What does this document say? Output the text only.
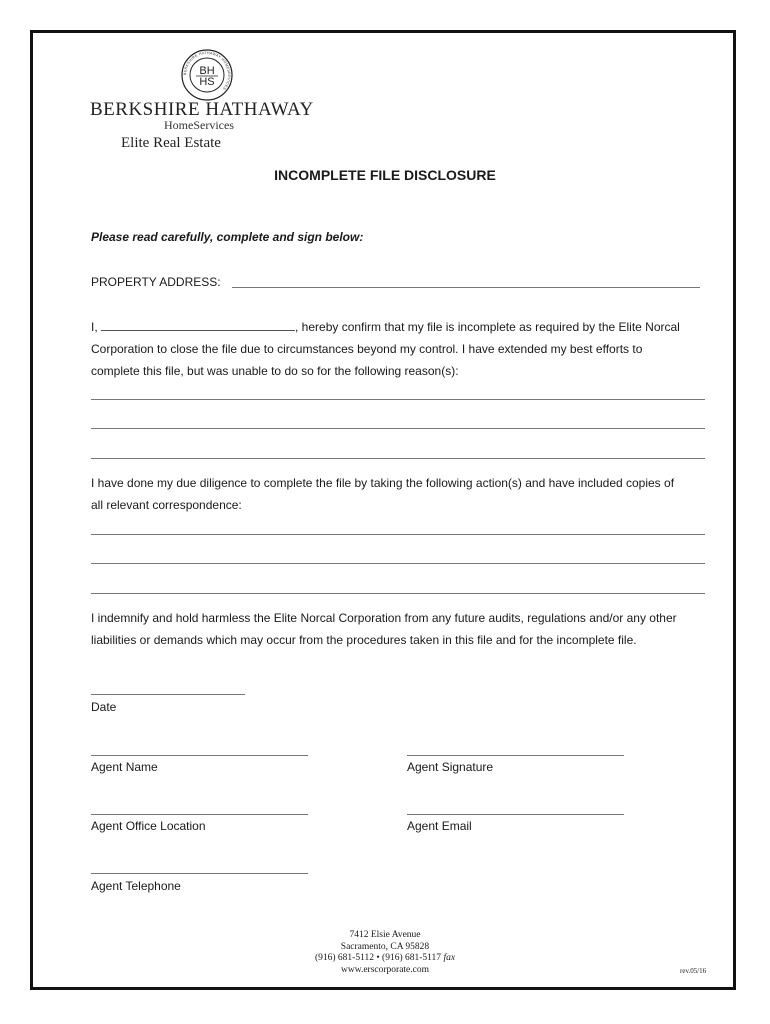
BERKSHIRE HATHAWAY HOMESERVICES
BH
HS
BERKSHIRE HATHAWAY
HomeServices
Elite Real Estate
INCOMPLETE FILE DISCLOSURE
Please read carefully, complete and sign below:
PROPERTY ADDRESS:
I,	, hereby confirm that my file is incomplete as required by the Elite Norcal
Corporation to close the file due to circumstances beyond my control. I have extended my best efforts to
complete this file, but was unable to do so for the following reason(s):
I have done my due diligence to complete the file by taking the following action(s) and have included copies of
all relevant correspondence:
I indemnify and hold harmless the Elite Norcal Corporation from any future audits, regulations and/or any other
liabilities or demands which may occur from the procedures taken in this file and for the incomplete file.
Date
Agent Name	Agent Signature
Agent Office Location	Agent Email
Agent Telephone
7412 Elsie Avenue
Sacramento, CA 95828
(916) 681-5112 • (916) 681-5117 fax
www.erscorporate.com	rev.05/16
